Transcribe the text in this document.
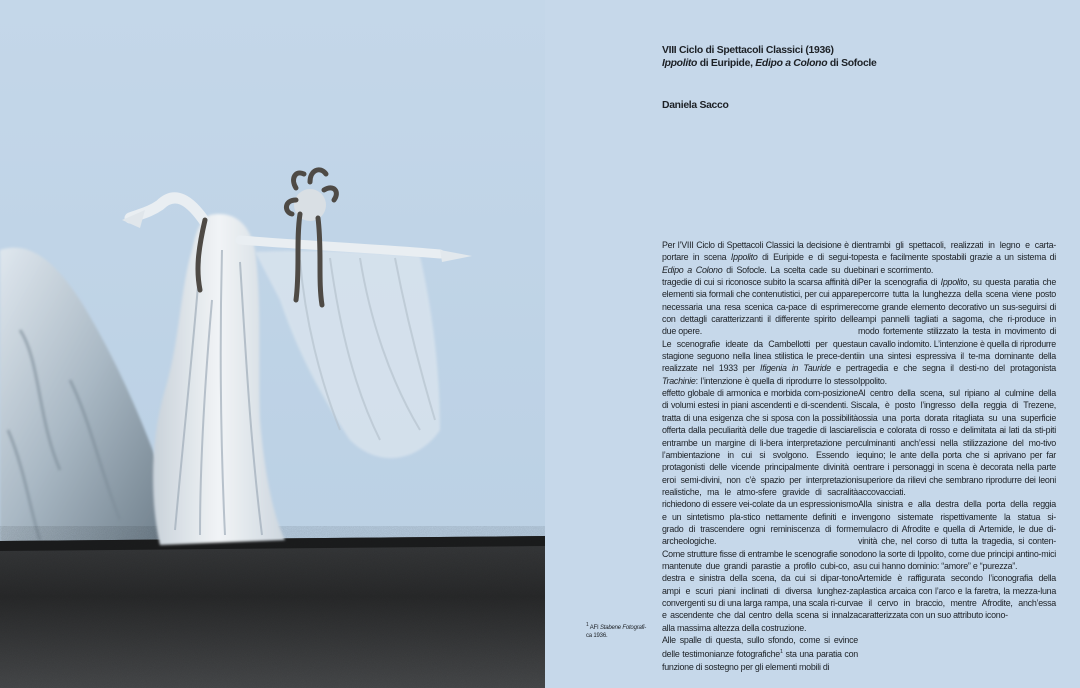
VIII Ciclo di Spettacoli Classici (1936)
Ippolito di Euripide, Edipo a Colono di Sofocle
Daniela Sacco

Per l’VIII Ciclo di Spettacoli Classici la decisione è di portare in scena Ippolito di Euripide e di segui-to Edipo a Colono di Sofocle. La scelta cade su due tragedie di cui si riconosce subito la scarsa affinità di elementi sia formali che contenutistici, per cui appare necessaria una resa scenica ca-pace di esprimere con dettagli caratterizzanti il differente spirito delle due opere.

Le scenografie ideate da Cambellotti per questa stagione seguono nella linea stilistica le prece-denti realizzate nel 1933 per Ifigenia in Tauride e per Trachinie: l’intenzione è quella di riprodurre lo stesso effetto globale di armonica e morbida com-posizione di volumi estesi in piani ascendenti e di-scendenti. Si tratta di una esigenza che si sposa con la possibilità offerta dalla peculiarità delle due tragedie di lasciare entrambe un margine di li-bera interpretazione per l’ambientazione in cui si svolgono. Essendo i protagonisti delle vicende principalmente divinità o eroi semi-divini, non c’è spazio per interpretazioni realistiche, ma le atmo-sfere gravide di sacralità richiedono di essere vei-colate da un espressionismo e un sintetismo pla-stico nettamente definiti e in grado di trascendere ogni reminiscenza di forme archeologiche.

Come strutture fisse di entrambe le scenografie sono mantenute due grandi parastie a profilo cubi-co, a destra e sinistra della scena, da cui si dipar-tono ampi e scuri piani inclinati di diversa lunghez-za convergenti su di una larga rampa, una scala ri-curva e ascendente che dal centro della scena si innalza alla massima altezza della costruzione.

Alle spalle di questa, sullo sfondo, come si evince delle testimonianze fotografiche$^1$ sta una paratia con funzione di sostegno per gli elementi mobili di

entrambi gli spettacoli, realizzati in legno e carta-pesta e facilmente spostabili grazie a un sistema di binari e scorrimento.

Per la scenografia di Ippolito, su questa paratia che percorre tutta la lunghezza della scena viene posto come grande elemento decorativo un sus-seguirsi di ampi pannelli tagliati a sagoma, che ri-produce in modo fortemente stilizzato la testa in movimento di un cavallo indomito. L’intenzione è quella di riprodurre in una sintesi espressiva il te-ma dominante della tragedia e che segna il desti-no del protagonista Ippolito.

Al centro della scena, sul ripiano al culmine della scala, è posto l’ingresso della reggia di Trezene, ossia una porta dorata ritagliata su una superficie liscia e colorata di rosso e delimitata ai lati da sti-piti culminanti anch’essi nella stilizzazione del mo-tivo equino; le ante della porta che si aprivano per far entrare i personaggi in scena è decorata nella parte superiore da rilievi che sembrano riprodurre dei leoni accovacciati.

Alla sinistra e alla destra della porta della reggia vengono sistemate rispettivamente la statua si-mulacro di Afrodite e quella di Artemide, le due di-vinità che, nel corso di tutta la tragedia, si conten-dono la sorte di Ippolito, come due principi antino-mici su cui hanno dominio: “amore” e “purezza”.

Artemide è raffigurata secondo l’iconografia della plastica arcaica con l’arco e la faretra, la mezza-luna e il cervo in braccio, mentre Afrodite, anch’essa caratterizzata con un suo attributo icono-

$^1$ AFI Stabene Fotografi-
ca 1936.
